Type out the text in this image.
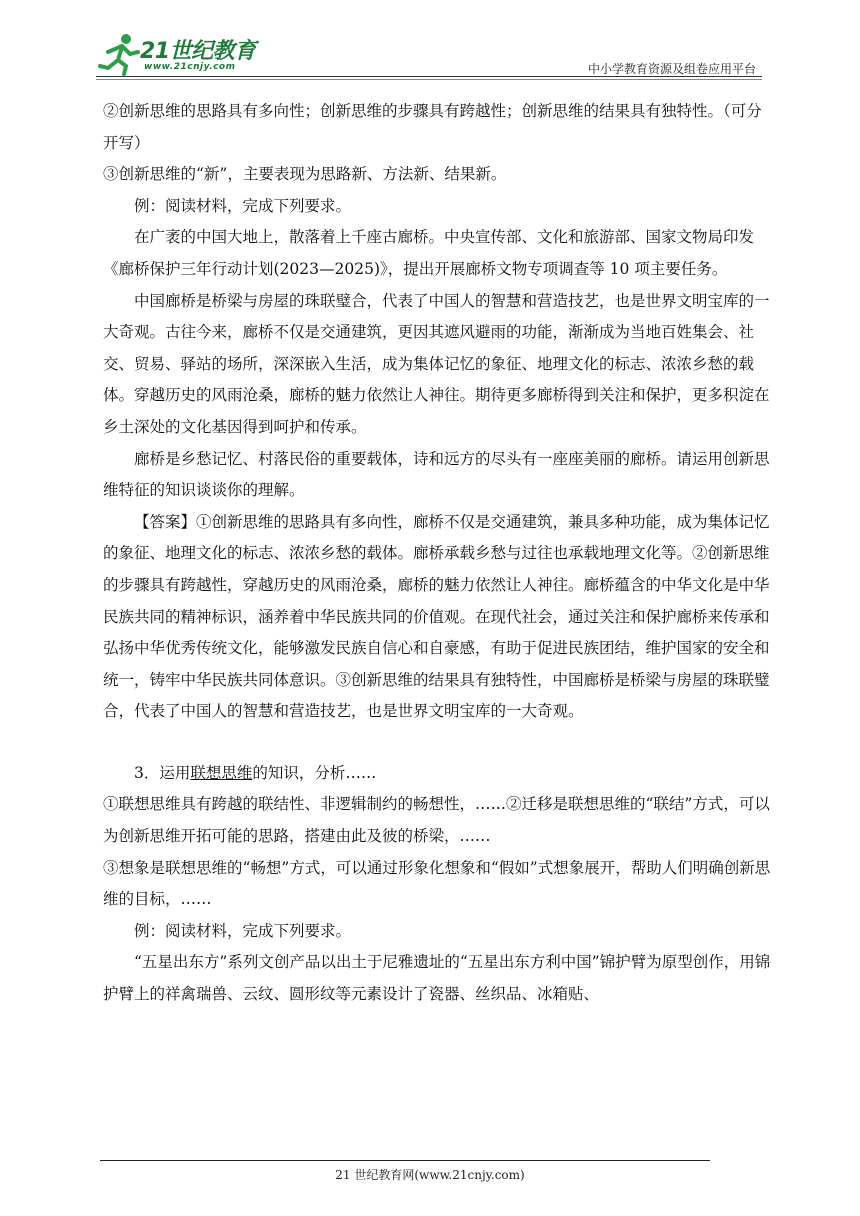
21世纪教育
www.21cnjy.com	中小学教育资源及组卷应用平台

②创新思维的思路具有多向性；创新思维的步骤具有跨越性；创新思维的结果具有独特性。（可分开写）

③创新思维的“新”，主要表现为思路新、方法新、结果新。

例：阅读材料，完成下列要求。

在广袤的中国大地上，散落着上千座古廊桥。中央宣传部、文化和旅游部、国家文物局印发《廊桥保护三年行动计划(2023—2025)》，提出开展廊桥文物专项调查等 10 项主要任务。

中国廊桥是桥梁与房屋的珠联璧合，代表了中国人的智慧和营造技艺，也是世界文明宝库的一大奇观。古往今来，廊桥不仅是交通建筑，更因其遮风避雨的功能，渐渐成为当地百姓集会、社交、贸易、驿站的场所，深深嵌入生活，成为集体记忆的象征、地理文化的标志、浓浓乡愁的载体。穿越历史的风雨沧桑，廊桥的魅力依然让人神往。期待更多廊桥得到关注和保护，更多积淀在乡土深处的文化基因得到呵护和传承。

廊桥是乡愁记忆、村落民俗的重要载体，诗和远方的尽头有一座座美丽的廊桥。请运用创新思维特征的知识谈谈你的理解。

【答案】①创新思维的思路具有多向性，廊桥不仅是交通建筑，兼具多种功能，成为集体记忆的象征、地理文化的标志、浓浓乡愁的载体。廊桥承载乡愁与过往也承载地理文化等。②创新思维的步骤具有跨越性，穿越历史的风雨沧桑，廊桥的魅力依然让人神往。廊桥蕴含的中华文化是中华民族共同的精神标识，涵养着中华民族共同的价值观。在现代社会，通过关注和保护廊桥来传承和弘扬中华优秀传统文化，能够激发民族自信心和自豪感，有助于促进民族团结，维护国家的安全和统一，铸牢中华民族共同体意识。③创新思维的结果具有独特性，中国廊桥是桥梁与房屋的珠联璧合，代表了中国人的智慧和营造技艺，也是世界文明宝库的一大奇观。

3．运用联想思维的知识，分析……

①联想思维具有跨越的联结性、非逻辑制约的畅想性，……②迁移是联想思维的“联结”方式，可以为创新思维开拓可能的思路，搭建由此及彼的桥梁，……

③想象是联想思维的“畅想”方式，可以通过形象化想象和“假如”式想象展开，帮助人们明确创新思维的目标，……

例：阅读材料，完成下列要求。

“五星出东方”系列文创产品以出土于尼雅遗址的“五星出东方利中国”锦护臂为原型创作，用锦护臂上的祥禽瑞兽、云纹、圆形纹等元素设计了瓷器、丝织品、冰箱贴、

21 世纪教育网(www.21cnjy.com)
